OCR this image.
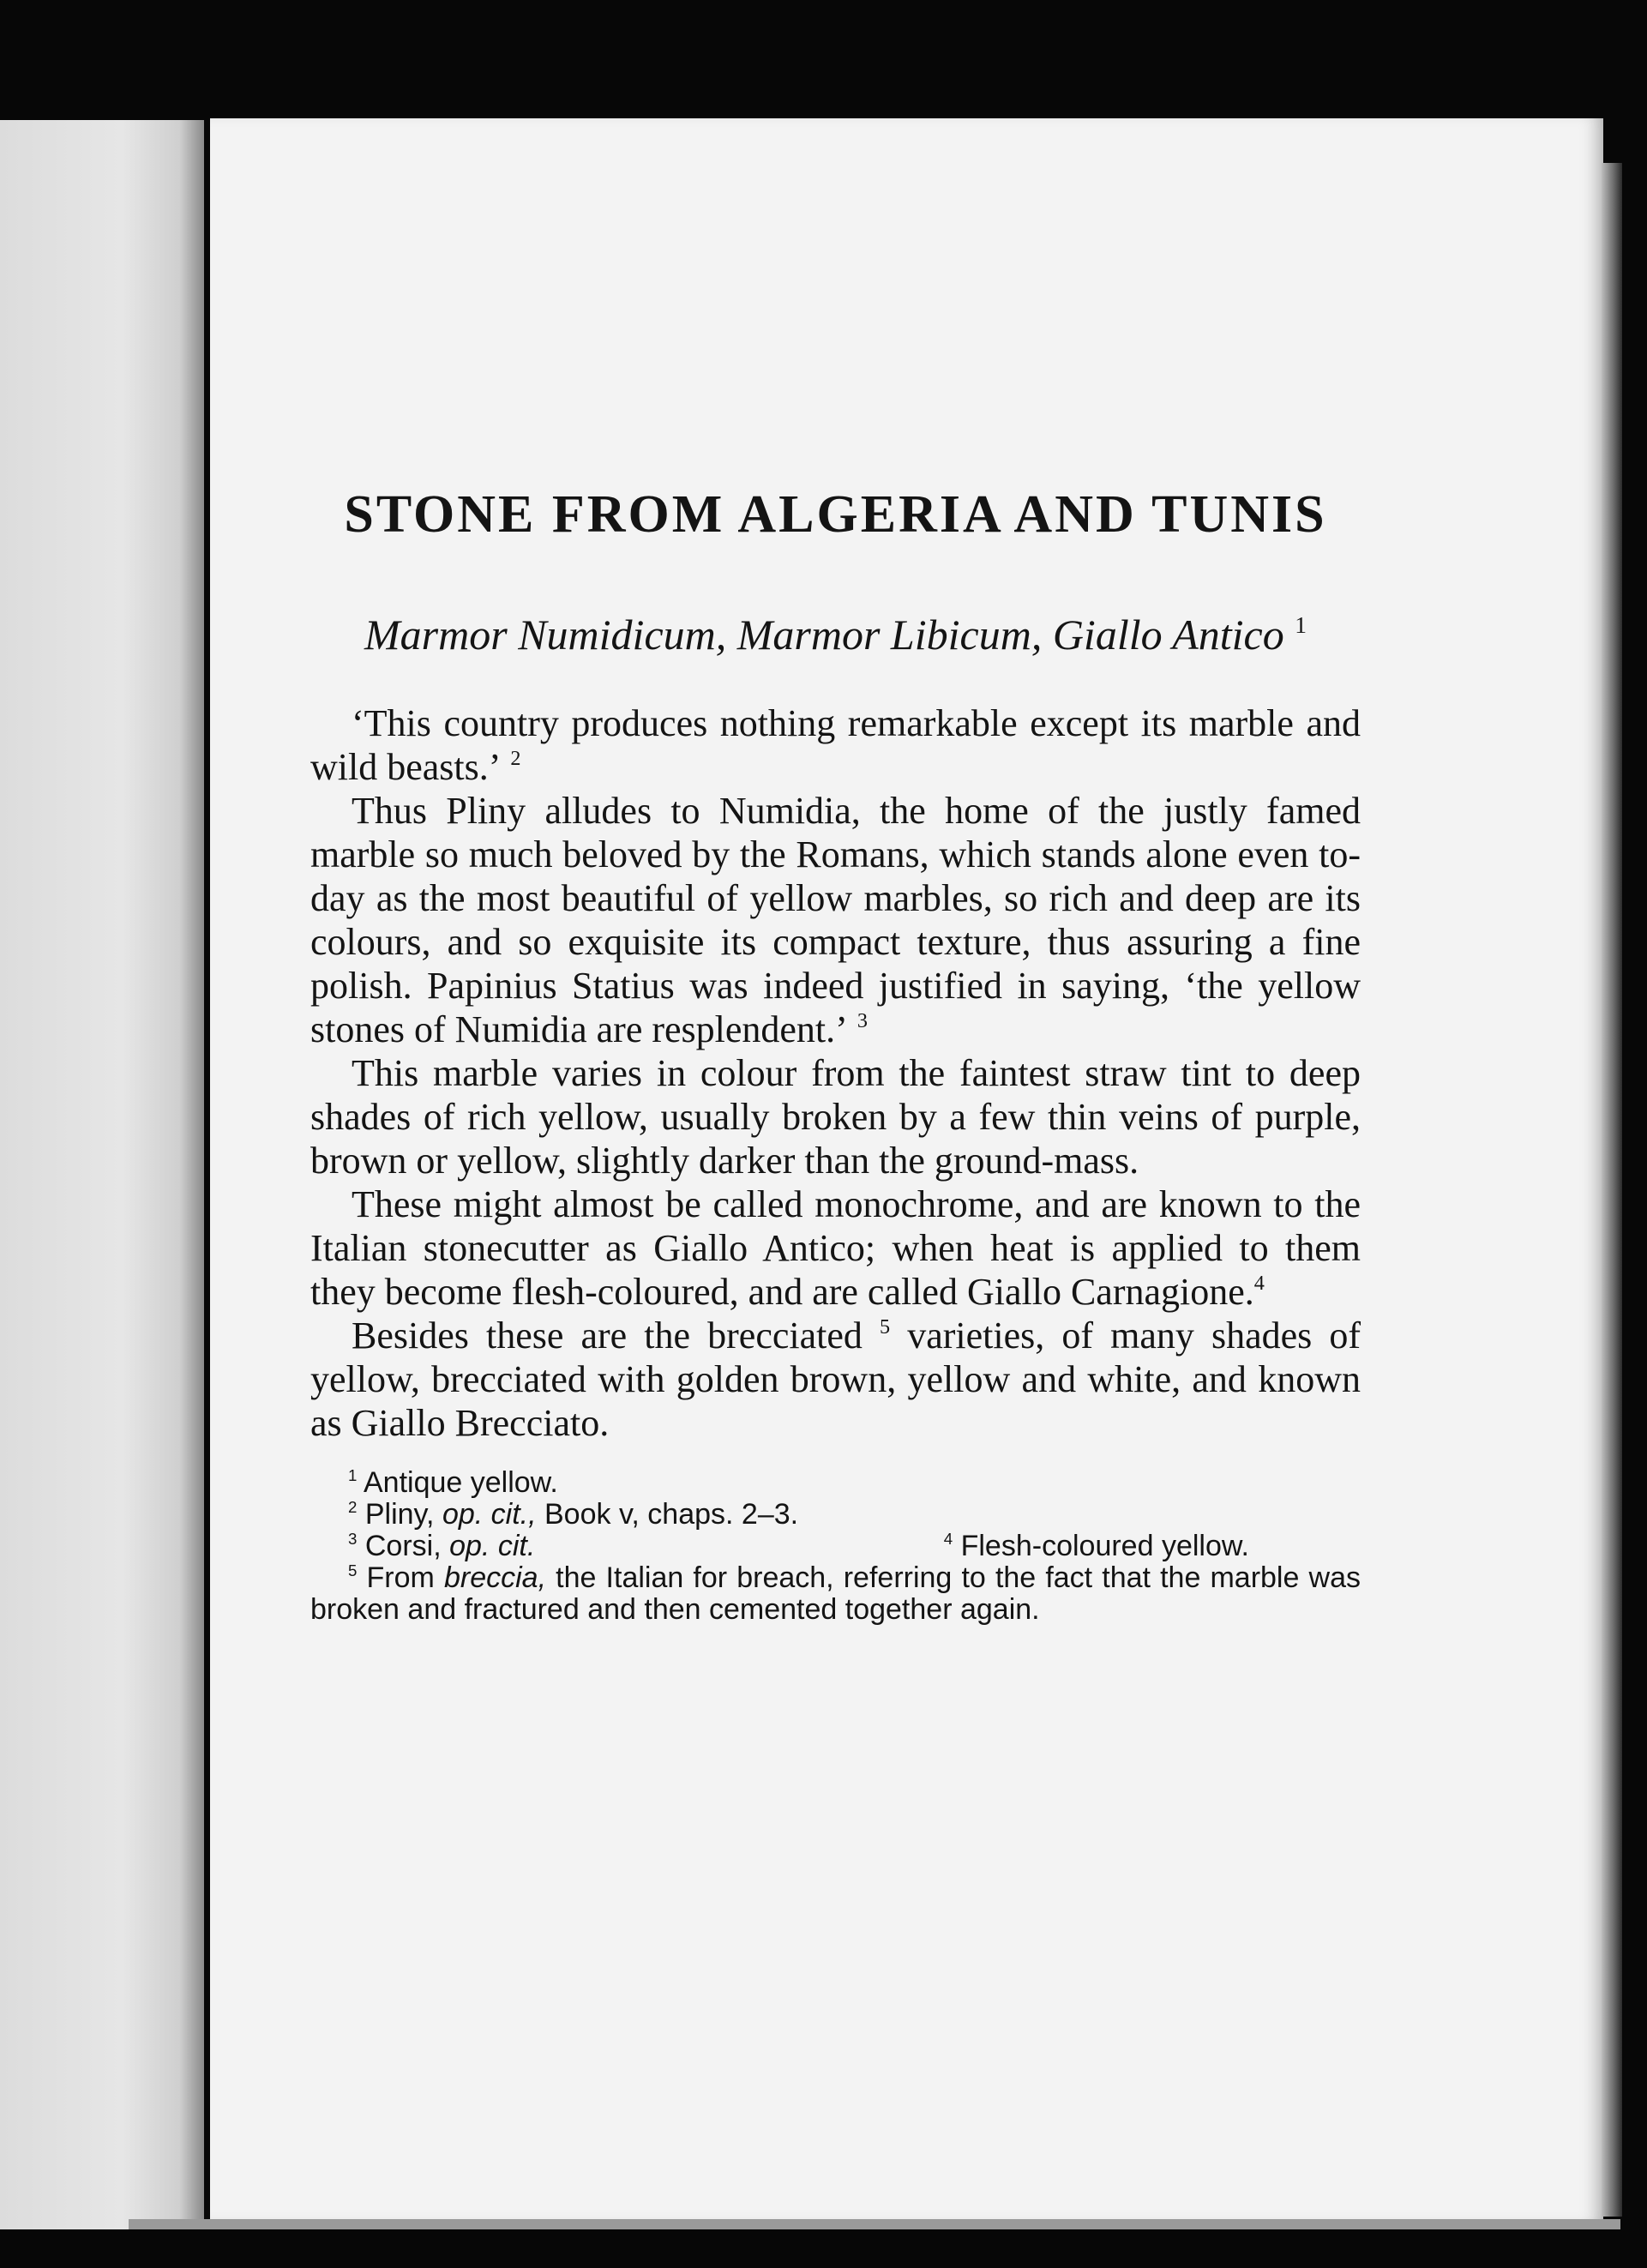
STONE FROM ALGERIA AND TUNIS

Marmor Numidicum, Marmor Libicum, Giallo Antico $^1$

‘This country produces nothing remarkable except its marble and wild beasts.’ $^2$

Thus Pliny alludes to Numidia, the home of the justly famed marble so much beloved by the Romans, which stands alone even to-day as the most beautiful of yellow marbles, so rich and deep are its colours, and so exquisite its compact texture, thus assuring a fine polish. Papinius Statius was indeed justified in saying, ‘the yellow stones of Numidia are resplendent.’ $^3$

This marble varies in colour from the faintest straw tint to deep shades of rich yellow, usually broken by a few thin veins of purple, brown or yellow, slightly darker than the ground-mass.

These might almost be called monochrome, and are known to the Italian stonecutter as Giallo Antico; when heat is applied to them they become flesh-coloured, and are called Giallo Carnagione.$^4$

Besides these are the brecciated $^5$ varieties, of many shades of yellow, brecciated with golden brown, yellow and white, and known as Giallo Brecciato.

$^1$ Antique yellow.

$^2$ Pliny, op. cit., Book v, chaps. 2–3.

$^3$ Corsi, op. cit.	$^4$ Flesh-coloured yellow.

$^5$ From breccia, the Italian for breach, referring to the fact that the marble was broken and fractured and then cemented together again.
